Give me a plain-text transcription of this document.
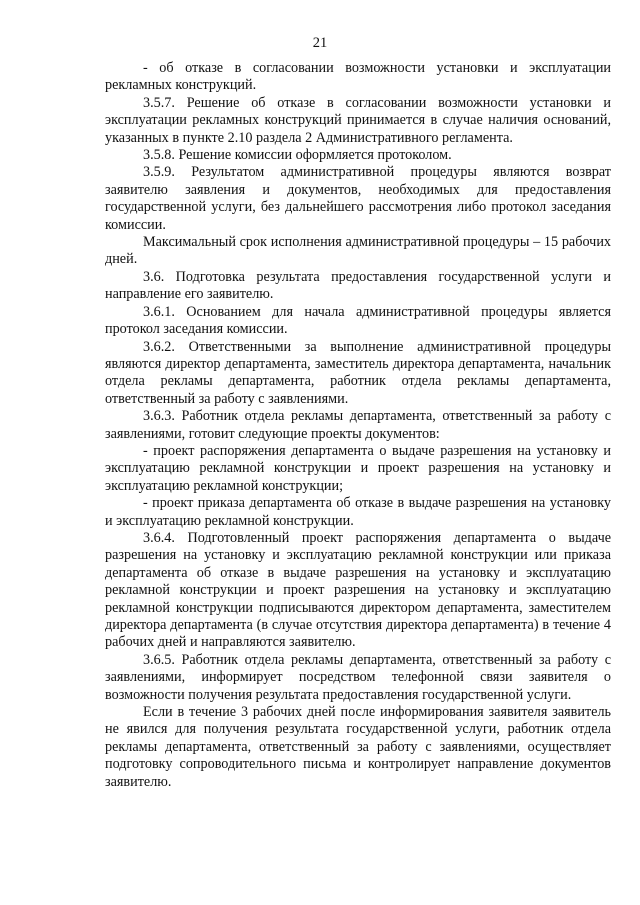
21

- об отказе в согласовании возможности установки и эксплуатации рекламных конструкций.

3.5.7. Решение об отказе в согласовании возможности установки и эксплуатации рекламных конструкций принимается в случае наличия оснований, указанных в пункте 2.10 раздела 2 Административного регламента.

3.5.8. Решение комиссии оформляется протоколом.

3.5.9. Результатом административной процедуры являются возврат заявителю заявления и документов, необходимых для предоставления государственной услуги, без дальнейшего рассмотрения либо протокол заседания комиссии.

Максимальный срок исполнения административной процедуры – 15 рабочих дней.

3.6. Подготовка результата предоставления государственной услуги и направление его заявителю.

3.6.1. Основанием для начала административной процедуры является протокол заседания комиссии.

3.6.2. Ответственными за выполнение административной процедуры являются директор департамента, заместитель директора департамента, начальник отдела рекламы департамента, работник отдела рекламы департамента, ответственный за работу с заявлениями.

3.6.3. Работник отдела рекламы департамента, ответственный за работу с заявлениями, готовит следующие проекты документов:

- проект распоряжения департамента о выдаче разрешения на установку и эксплуатацию рекламной конструкции и проект разрешения на установку и эксплуатацию рекламной конструкции;

- проект приказа департамента об отказе в выдаче разрешения на установку и эксплуатацию рекламной конструкции.

3.6.4. Подготовленный проект распоряжения департамента о выдаче разрешения на установку и эксплуатацию рекламной конструкции или приказа департамента об отказе в выдаче разрешения на установку и эксплуатацию рекламной конструкции и проект разрешения на установку и эксплуатацию рекламной конструкции подписываются директором департамента, заместителем директора департамента (в случае отсутствия директора департамента) в течение 4 рабочих дней и направляются заявителю.

3.6.5. Работник отдела рекламы департамента, ответственный за работу с заявлениями, информирует посредством телефонной связи заявителя о возможности получения результата предоставления государственной услуги.

Если в течение 3 рабочих дней после информирования заявителя заявитель не явился для получения результата государственной услуги, работник отдела рекламы департамента, ответственный за работу с заявлениями, осуществляет подготовку сопроводительного письма и контролирует направление документов заявителю.
